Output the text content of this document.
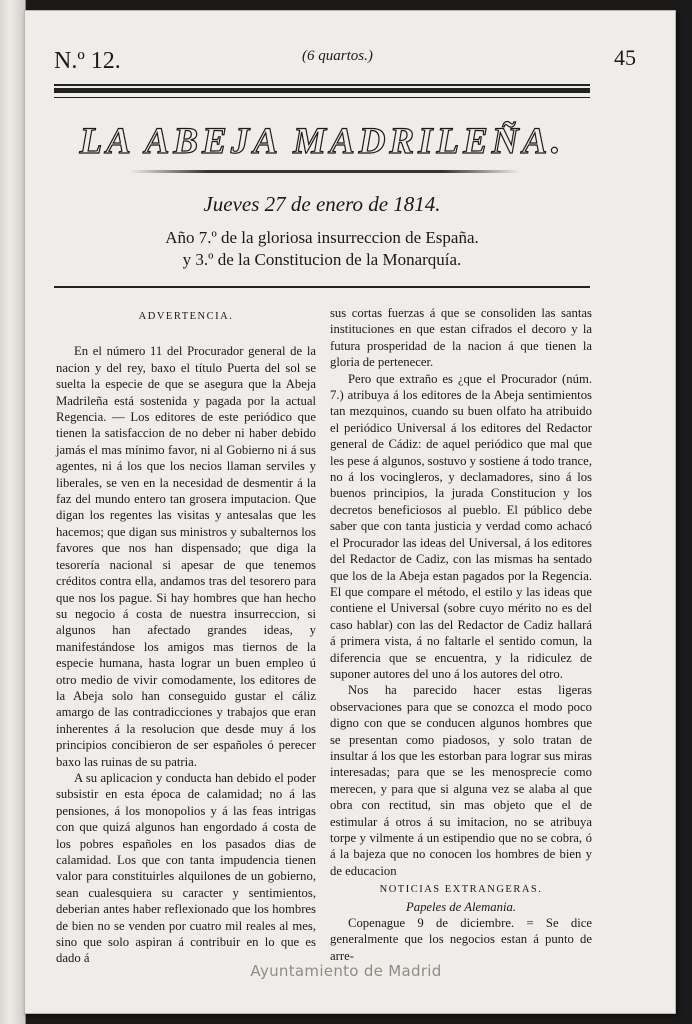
N.º 12.	(6 quartos.)	45
LA ABEJA MADRILEÑA.
Jueves 27 de enero de 1814.
Año 7.º de la gloriosa insurreccion de España.
y 3.º de la Constitucion de la Monarquía.
ADVERTENCIA.

En el número 11 del Procurador general de la nacion y del rey, baxo el título Puerta del sol se suelta la especie de que se asegura que la Abeja Madrileña está sostenida y pagada por la actual Regencia. — Los editores de este periódico que tienen la satisfaccion de no deber ni haber debido jamás el mas mínimo favor, ni al Gobierno ni á sus agentes, ni á los que los necios llaman serviles y liberales, se ven en la necesidad de desmentir á la faz del mundo entero tan grosera imputacion. Que digan los regentes las visitas y antesalas que les hacemos; que digan sus ministros y subalternos los favores que nos han dispensado; que diga la tesorería nacional si apesar de que tenemos créditos contra ella, andamos tras del tesorero para que nos los pague. Si hay hombres que han hecho su negocio á costa de nuestra insurreccion, si algunos han afectado grandes ideas, y manifestándose los amigos mas tiernos de la especie humana, hasta lograr un buen empleo ú otro medio de vivir comodamente, los editores de la Abeja solo han conseguido gustar el cáliz amargo de las contradicciones y trabajos que eran inherentes á la resolucion que desde muy á los principios concibieron de ser españoles ó perecer baxo las ruinas de su patria.

A su aplicacion y conducta han debido el poder subsistir en esta época de calamidad; no á las pensiones, á los monopolios y á las feas intrigas con que quizá algunos han engordado á costa de los pobres españoles en los pasados dias de calamidad. Los que con tanta impudencia tienen valor para constituirles alquilones de un gobierno, sean cualesquiera su caracter y sentimientos, deberian antes haber reflexionado que los hombres de bien no se venden por cuatro mil reales al mes, sino que solo aspiran á contribuir en lo que es dado á

sus cortas fuerzas á que se consoliden las santas instituciones en que estan cifrados el decoro y la futura prosperidad de la nacion á que tienen la gloria de pertenecer.

Pero que extraño es ¿que el Procurador (núm. 7.) atribuya á los editores de la Abeja sentimientos tan mezquinos, cuando su buen olfato ha atribuido el periódico Universal á los editores del Redactor general de Cádiz: de aquel periódico que mal que les pese á algunos, sostuvo y sostiene á todo trance, no á los vocingleros, y declamadores, sino á los buenos principios, la jurada Constitucion y los decretos beneficiosos al pueblo. El público debe saber que con tanta justicia y verdad como achacó el Procurador las ideas del Universal, á los editores del Redactor de Cadiz, con las mismas ha sentado que los de la Abeja estan pagados por la Regencia. El que compare el método, el estilo y las ideas que contiene el Universal (sobre cuyo mérito no es del caso hablar) con las del Redactor de Cadiz hallará á primera vista, á no faltarle el sentido comun, la diferencia que se encuentra, y la ridiculez de suponer autores del uno á los autores del otro.

Nos ha parecido hacer estas ligeras observaciones para que se conozca el modo poco digno con que se conducen algunos hombres que se presentan como piadosos, y solo tratan de insultar á los que les estorban para lograr sus miras interesadas; para que se les menosprecie como merecen, y para que si alguna vez se alaba al que obra con rectitud, sin mas objeto que el de estimular á otros á su imitacion, no se atribuya torpe y vilmente á un estipendio que no se cobra, ó á la bajeza que no conocen los hombres de bien y de educacion

NOTICIAS EXTRANGERAS.
Papeles de Alemania.

Copenague 9 de diciembre. = Se dice generalmente que los negocios estan á punto de arre-

Ayuntamiento de Madrid
